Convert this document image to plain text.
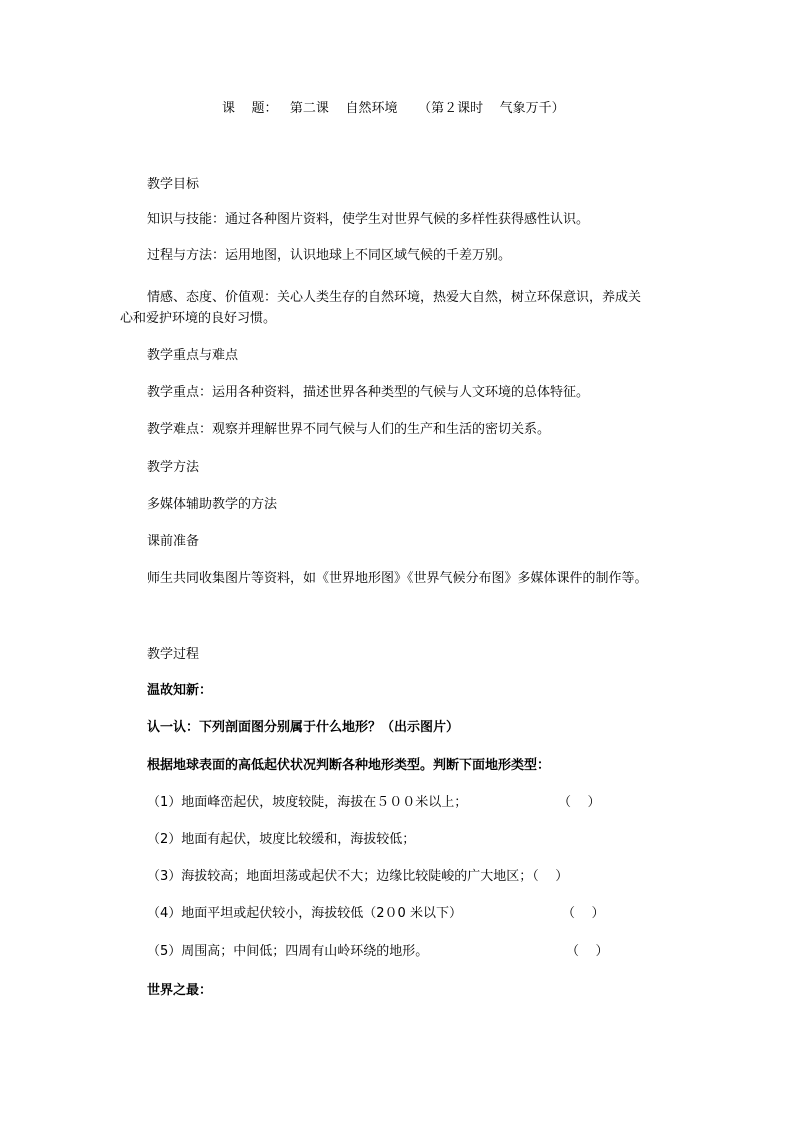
课    题：   第二课    自然环境     （第２课时    气象万千）
教学目标
知识与技能：通过各种图片资料，使学生对世界气候的多样性获得感性认识。
过程与方法：运用地图，认识地球上不同区域气候的千差万别。
情感、态度、价值观：关心人类生存的自然环境，热爱大自然，树立环保意识，养成关
心和爱护环境的良好习惯。
教学重点与难点
教学重点：运用各种资料，描述世界各种类型的气候与人文环境的总体特征。
教学难点：观察并理解世界不同气候与人们的生产和生活的密切关系。
教学方法
多媒体辅助教学的方法
课前准备
师生共同收集图片等资料，如《世界地形图》《世界气候分布图》多媒体课件的制作等。
教学过程
温故知新：
认一认：下列剖面图分别属于什么地形？（出示图片）
根据地球表面的高低起伏状况判断各种地形类型。判断下面地形类型：
（1）地面峰峦起伏，坡度较陡，海拔在５００米以上；	（    ）
（2）地面有起伏，坡度比较缓和，海拔较低；
（3）海拔较高；地面坦荡或起伏不大；边缘比较陡峻的广大地区；（    ）
（4）地面平坦或起伏较小，海拔较低（2０0 米以下）	（    ）
（5）周围高；中间低；四周有山岭环绕的地形。	（    ）
世界之最：
